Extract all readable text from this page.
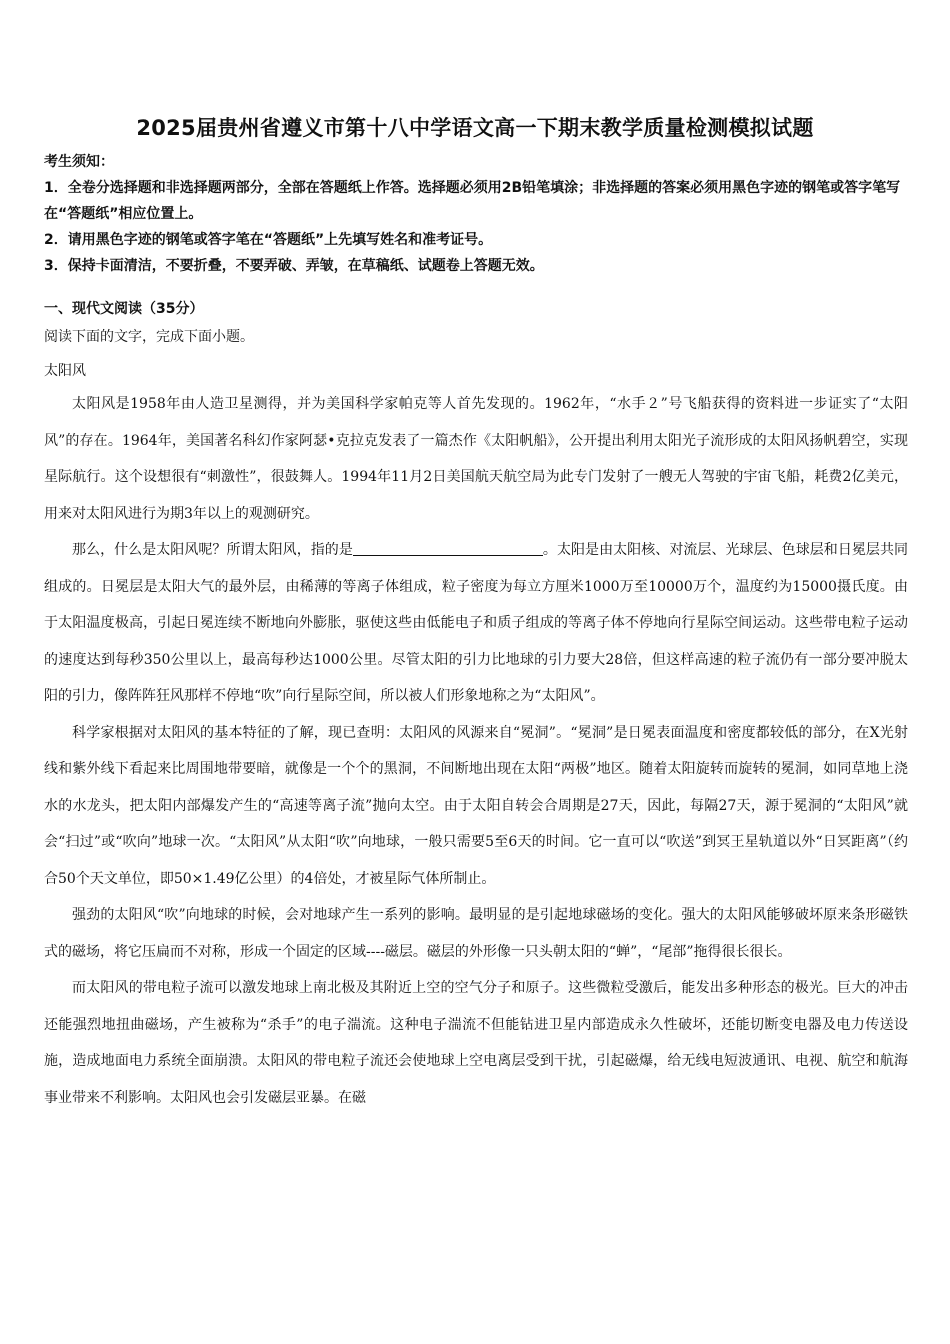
2025届贵州省遵义市第十八中学语文高一下期末教学质量检测模拟试题

考生须知：

1．全卷分选择题和非选择题两部分，全部在答题纸上作答。选择题必须用2B铅笔填涂；非选择题的答案必须用黑色字迹的钢笔或答字笔写在“答题纸”相应位置上。

2．请用黑色字迹的钢笔或答字笔在“答题纸”上先填写姓名和准考证号。

3．保持卡面清洁，不要折叠，不要弄破、弄皱，在草稿纸、试题卷上答题无效。

一、现代文阅读（35分）
阅读下面的文字，完成下面小题。
太阳风

太阳风是1958年由人造卫星测得，并为美国科学家帕克等人首先发现的。1962年，“水手２”号飞船获得的资料进一步证实了“太阳风”的存在。1964年，美国著名科幻作家阿瑟•克拉克发表了一篇杰作《太阳帆船》，公开提出利用太阳光子流形成的太阳风扬帆碧空，实现星际航行。这个设想很有“刺激性”，很鼓舞人。1994年11月2日美国航天航空局为此专门发射了一艘无人驾驶的宇宙飞船，耗费2亿美元，用来对太阳风进行为期3年以上的观测研究。

那么，什么是太阳风呢？所谓太阳风，指的是	。太阳是由太阳核、对流层、光球层、色球层和日冕层共同组成的。日冕层是太阳大气的最外层，由稀薄的等离子体组成，粒子密度为每立方厘米1000万至10000万个，温度约为15000摄氏度。由于太阳温度极高，引起日冕连续不断地向外膨胀，驱使这些由低能电子和质子组成的等离子体不停地向行星际空间运动。这些带电粒子运动的速度达到每秒350公里以上，最高每秒达1000公里。尽管太阳的引力比地球的引力要大28倍，但这样高速的粒子流仍有一部分要冲脱太阳的引力，像阵阵狂风那样不停地“吹”向行星际空间，所以被人们形象地称之为“太阳风”。

科学家根据对太阳风的基本特征的了解，现已查明：太阳风的风源来自“冕洞”。“冕洞”是日冕表面温度和密度都较低的部分，在X光射线和紫外线下看起来比周围地带要暗，就像是一个个的黑洞，不间断地出现在太阳“两极”地区。随着太阳旋转而旋转的冕洞，如同草地上浇水的水龙头，把太阳内部爆发产生的“高速等离子流”抛向太空。由于太阳自转会合周期是27天，因此，每隔27天，源于冕洞的“太阳风”就会“扫过”或“吹向”地球一次。“太阳风”从太阳“吹”向地球，一般只需要5至6天的时间。它一直可以“吹送”到冥王星轨道以外“日冥距离”（约合50个天文单位，即50×1.49亿公里）的4倍处，才被星际气体所制止。

强劲的太阳风“吹”向地球的时候，会对地球产生一系列的影响。最明显的是引起地球磁场的变化。强大的太阳风能够破坏原来条形磁铁式的磁场，将它压扁而不对称，形成一个固定的区域----磁层。磁层的外形像一只头朝太阳的“蝉”，“尾部”拖得很长很长。

而太阳风的带电粒子流可以激发地球上南北极及其附近上空的空气分子和原子。这些微粒受激后，能发出多种形态的极光。巨大的冲击还能强烈地扭曲磁场，产生被称为“杀手”的电子湍流。这种电子湍流不但能钻进卫星内部造成永久性破坏，还能切断变电器及电力传送设施，造成地面电力系统全面崩溃。太阳风的带电粒子流还会使地球上空电离层受到干扰，引起磁爆，给无线电短波通讯、电视、航空和航海事业带来不利影响。太阳风也会引发磁层亚暴。在磁
